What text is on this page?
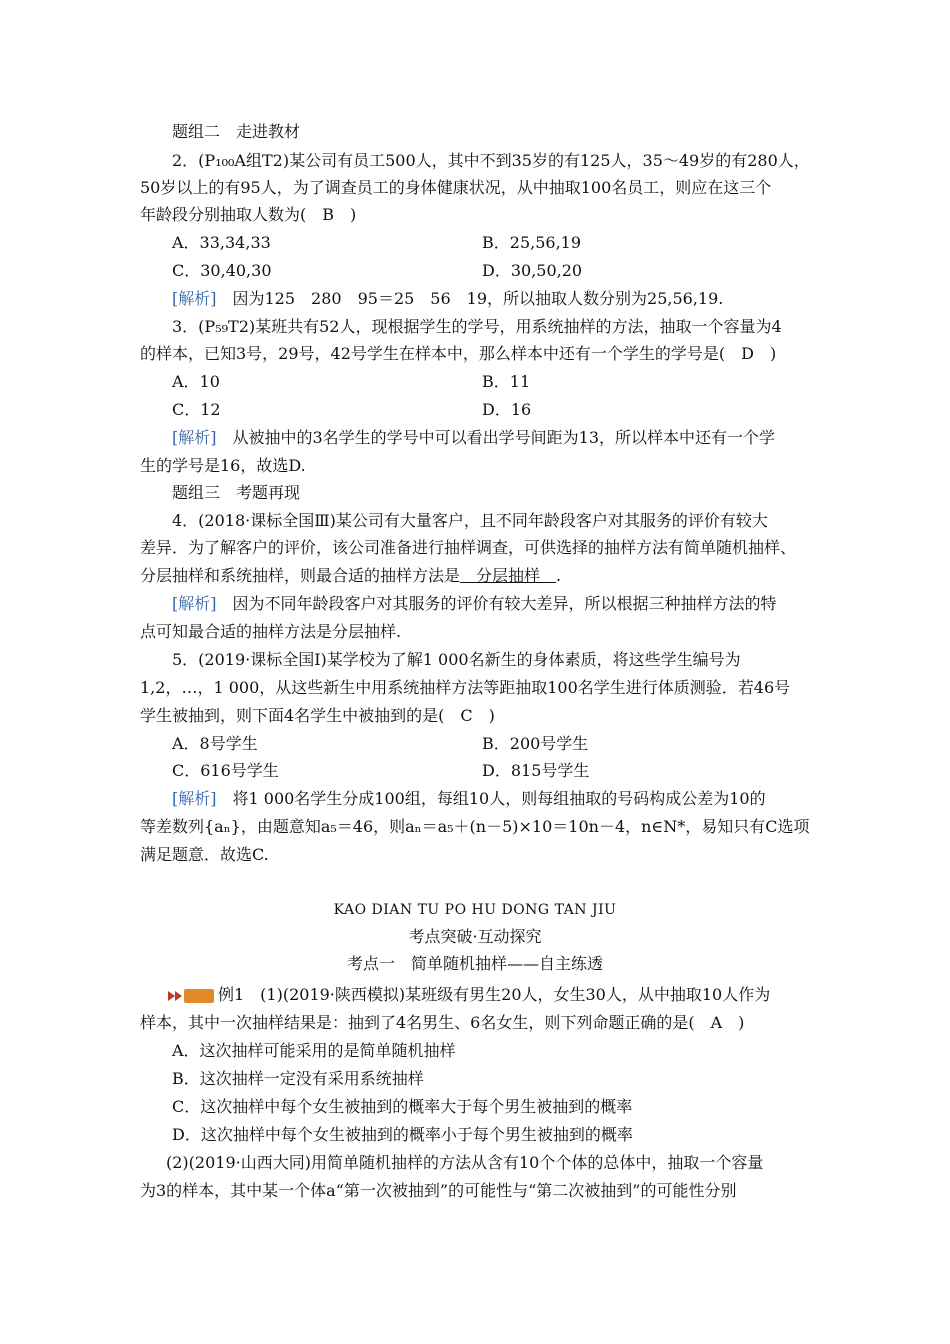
题组二　走进教材
2．(P₁₀₀A组T2)某公司有员工500人，其中不到35岁的有125人，35～49岁的有280人，
50岁以上的有95人，为了调查员工的身体健康状况，从中抽取100名员工，则应在这三个
年龄段分别抽取人数为(　B　)
A．33,34,33	B．25,56,19
C．30,40,30	D．30,50,20
[解析]　因为125　280　95＝25　56　19，所以抽取人数分别为25,56,19.
3．(P₅₉T2)某班共有52人，现根据学生的学号，用系统抽样的方法，抽取一个容量为4
的样本，已知3号，29号，42号学生在样本中，那么样本中还有一个学生的学号是(　D　)
A．10	B．11
C．12	D．16
[解析]　从被抽中的3名学生的学号中可以看出学号间距为13，所以样本中还有一个学
生的学号是16，故选D.
题组三　考题再现
4．(2018·课标全国Ⅲ)某公司有大量客户，且不同年龄段客户对其服务的评价有较大
差异．为了解客户的评价，该公司准备进行抽样调查，可供选择的抽样方法有简单随机抽样、
分层抽样和系统抽样，则最合适的抽样方法是　分层抽样　.
[解析]　因为不同年龄段客户对其服务的评价有较大差异，所以根据三种抽样方法的特
点可知最合适的抽样方法是分层抽样.
5．(2019·课标全国Ⅰ)某学校为了解1 000名新生的身体素质，将这些学生编号为
1,2，…，1 000，从这些新生中用系统抽样方法等距抽取100名学生进行体质测验．若46号
学生被抽到，则下面4名学生中被抽到的是(　C　)
A．8号学生	B．200号学生
C．616号学生	D．815号学生
[解析]　将1 000名学生分成100组，每组10人，则每组抽取的号码构成公差为10的
等差数列{aₙ}，由题意知a₅＝46，则aₙ＝a₅＋(n－5)×10＝10n－4，n∈N*，易知只有C选项
满足题意．故选C.
KAO DIAN TU PO HU DONG TAN JIU
考点突破·互动探究
考点一　简单随机抽样——自主练透
例1　(1)(2019·陕西模拟)某班级有男生20人，女生30人，从中抽取10人作为
样本，其中一次抽样结果是：抽到了4名男生、6名女生，则下列命题正确的是(　A　)
A．这次抽样可能采用的是简单随机抽样
B．这次抽样一定没有采用系统抽样
C．这次抽样中每个女生被抽到的概率大于每个男生被抽到的概率
D．这次抽样中每个女生被抽到的概率小于每个男生被抽到的概率
(2)(2019·山西大同)用简单随机抽样的方法从含有10个个体的总体中，抽取一个容量
为3的样本，其中某一个体a“第一次被抽到”的可能性与“第二次被抽到”的可能性分别
